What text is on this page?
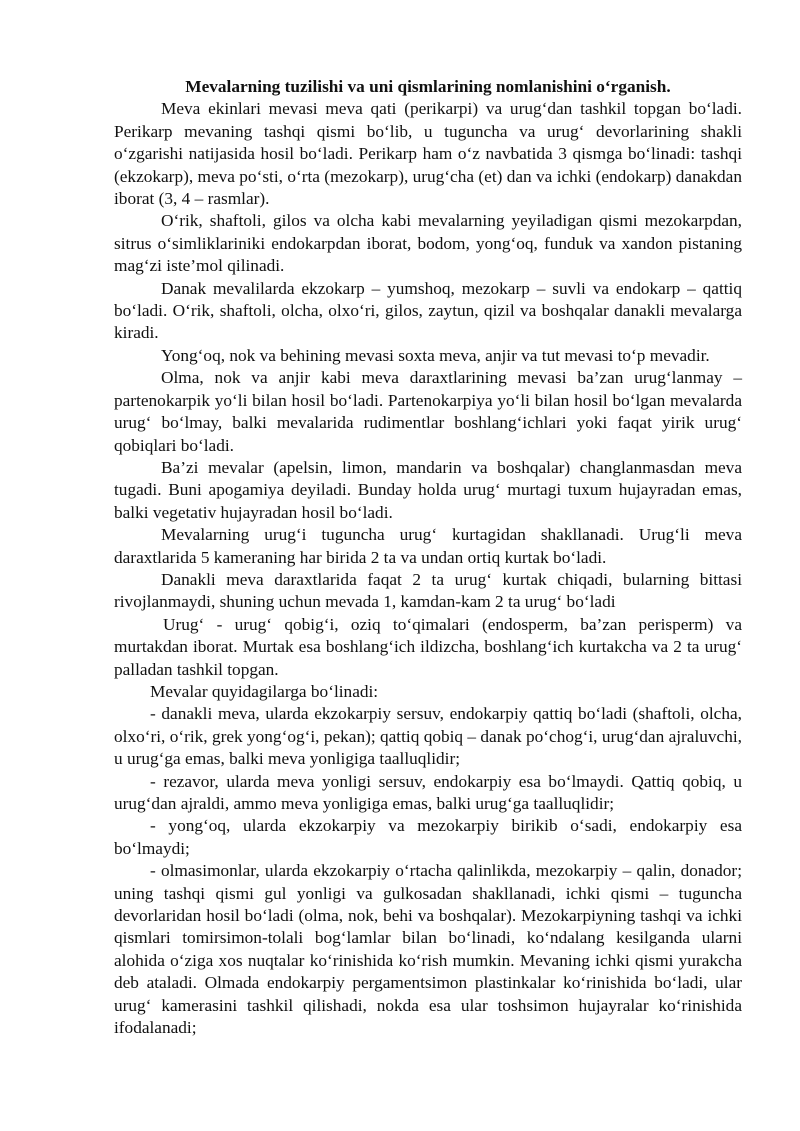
Mevalarning tuzilishi va uni qismlarining nomlanishini o‘rganish.

Meva ekinlari mevasi meva qati (perikarpi) va urug‘dan tashkil topgan bo‘ladi. Perikarp mevaning tashqi qismi bo‘lib, u tuguncha va urug‘ devorlarining shakli o‘zgarishi natijasida hosil bo‘ladi. Perikarp ham o‘z navbatida 3 qismga bo‘linadi: tashqi (ekzokarp), meva po‘sti, o‘rta (mezokarp), urug‘cha (et) dan va ichki (endokarp) danakdan iborat (3, 4 – rasmlar).

O‘rik, shaftoli, gilos va olcha kabi mevalarning yeyiladigan qismi mezokarpdan, sitrus o‘simliklariniki endokarpdan iborat, bodom, yong‘oq, funduk va xandon pistaning mag‘zi iste’mol qilinadi.

Danak mevalilarda ekzokarp – yumshoq, mezokarp – suvli va endokarp – qattiq bo‘ladi. O‘rik, shaftoli, olcha, olxo‘ri, gilos, zaytun, qizil va boshqalar danakli mevalarga kiradi.

Yong‘oq, nok va behining mevasi soxta meva, anjir va tut mevasi to‘p mevadir.

Olma, nok va anjir kabi meva daraxtlarining mevasi ba’zan urug‘lanmay – partenokarpik yo‘li bilan hosil bo‘ladi. Partenokarpiya yo‘li bilan hosil bo‘lgan mevalarda urug‘ bo‘lmay, balki mevalarida rudimentlar boshlang‘ichlari yoki faqat yirik urug‘ qobiqlari bo‘ladi.

Ba’zi mevalar (apelsin, limon, mandarin va boshqalar) changlanmasdan meva tugadi. Buni apogamiya deyiladi. Bunday holda urug‘ murtagi tuxum hujayradan emas, balki vegetativ hujayradan hosil bo‘ladi.

Mevalarning urug‘i tugunchа urug‘ kurtagidan shakllanadi. Urug‘li meva daraxtlarida 5 kameraning har birida 2 ta va undan ortiq kurtak bo‘ladi.

Danakli meva daraxtlarida faqat 2 ta urug‘ kurtak chiqadi, bularning bittasi rivojlanmaydi, shuning uchun mevada 1, kamdan-kam 2 ta urug‘ bo‘ladi

Urug‘ - urug‘ qobig‘i, oziq to‘qimalari (endosperm, ba’zan perisperm) va murtakdan iborat. Murtak esa boshlang‘ich ildizcha, boshlang‘ich kurtakcha va 2 ta urug‘ palladan tashkil topgan.

Mevalar quyidagilarga bo‘linadi:

- danakli meva, ularda ekzokarpiy sersuv, endokarpiy qattiq bo‘ladi (shaftoli, olcha, olxo‘ri, o‘rik, grek yong‘og‘i, pekan); qattiq qobiq – danak po‘chog‘i, urug‘dan ajraluvchi, u urug‘ga emas, balki meva yonligiga taalluqlidir;

- rezavor, ularda meva yonligi sersuv, endokarpiy esa bo‘lmaydi. Qattiq qobiq, u urug‘dan ajraldi, ammo meva yonligiga emas, balki urug‘ga taalluqlidir;

- yong‘oq, ularda ekzokarpiy va mezokarpiy birikib o‘sadi, endokarpiy esa bo‘lmaydi;

- olmasimonlar, ularda ekzokarpiy o‘rtacha qalinlikda, mezokarpiy – qalin, donador; uning tashqi qismi gul yonligi va gulkosadan shakllanadi, ichki qismi – tuguncha devorlaridan hosil bo‘ladi (olma, nok, behi va boshqalar). Mezokarpiyning tashqi va ichki qismlari tomirsimon-tolali bog‘lamlar bilan bo‘linadi, ko‘ndalang kesilganda ularni alohida o‘ziga xos nuqtalar ko‘rinishida ko‘rish mumkin. Mevaning ichki qismi yurakcha deb ataladi. Olmada endokarpiy pergamentsimon plastinkalar ko‘rinishida bo‘ladi, ular urug‘ kamerasini tashkil qilishadi, nokda esa ular toshsimon hujayralar ko‘rinishida ifodalanadi;
